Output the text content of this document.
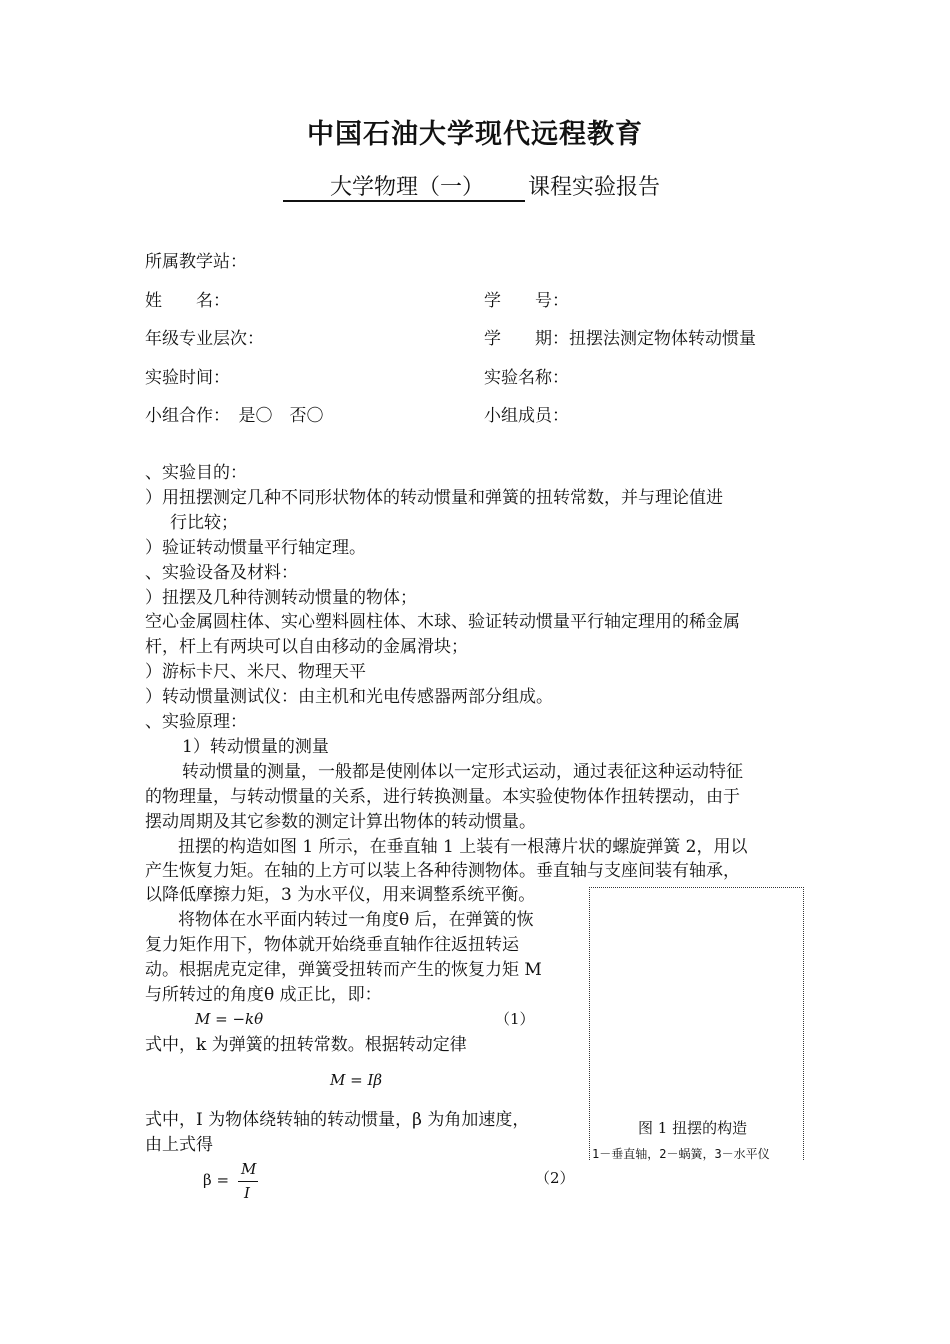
中国石油大学现代远程教育
大学物理（一） 课程实验报告
所属教学站：
姓　　名：	学　　号：
年级专业层次：	学　　期：扭摆法测定物体转动惯量
实验时间：	实验名称：
小组合作：　是〇　否〇	小组成员：
、实验目的：
）用扭摆测定几种不同形状物体的转动惯量和弹簧的扭转常数，并与理论值进
行比较；
）验证转动惯量平行轴定理。
、实验设备及材料：
）扭摆及几种待测转动惯量的物体；
空心金属圆柱体、实心塑料圆柱体、木球、验证转动惯量平行轴定理用的稀金属
杆，杆上有两块可以自由移动的金属滑块；
）游标卡尺、米尺、物理天平
）转动惯量测试仪：由主机和光电传感器两部分组成。
、实验原理：
1）转动惯量的测量
转动惯量的测量，一般都是使刚体以一定形式运动，通过表征这种运动特征
的物理量，与转动惯量的关系，进行转换测量。本实验使物体作扭转摆动，由于
摆动周期及其它参数的测定计算出物体的转动惯量。
扭摆的构造如图 1 所示，在垂直轴 1 上装有一根薄片状的螺旋弹簧 2，用以
产生恢复力矩。在轴的上方可以装上各种待测物体。垂直轴与支座间装有轴承，
以降低摩擦力矩，3 为水平仪，用来调整系统平衡。
将物体在水平面内转过一角度θ 后，在弹簧的恢
复力矩作用下，物体就开始绕垂直轴作往返扭转运
动。根据虎克定律，弹簧受扭转而产生的恢复力矩 M
与所转过的角度θ 成正比，即：
M = −kθ	（1）
式中，k 为弹簧的扭转常数。根据转动定律
M = Iβ
式中，I 为物体绕转轴的转动惯量，β 为角加速度，
由上式得
β =
M
I
（2）
图 1 扭摆的构造
1－垂直轴，2－蜗簧，3－水平仪
